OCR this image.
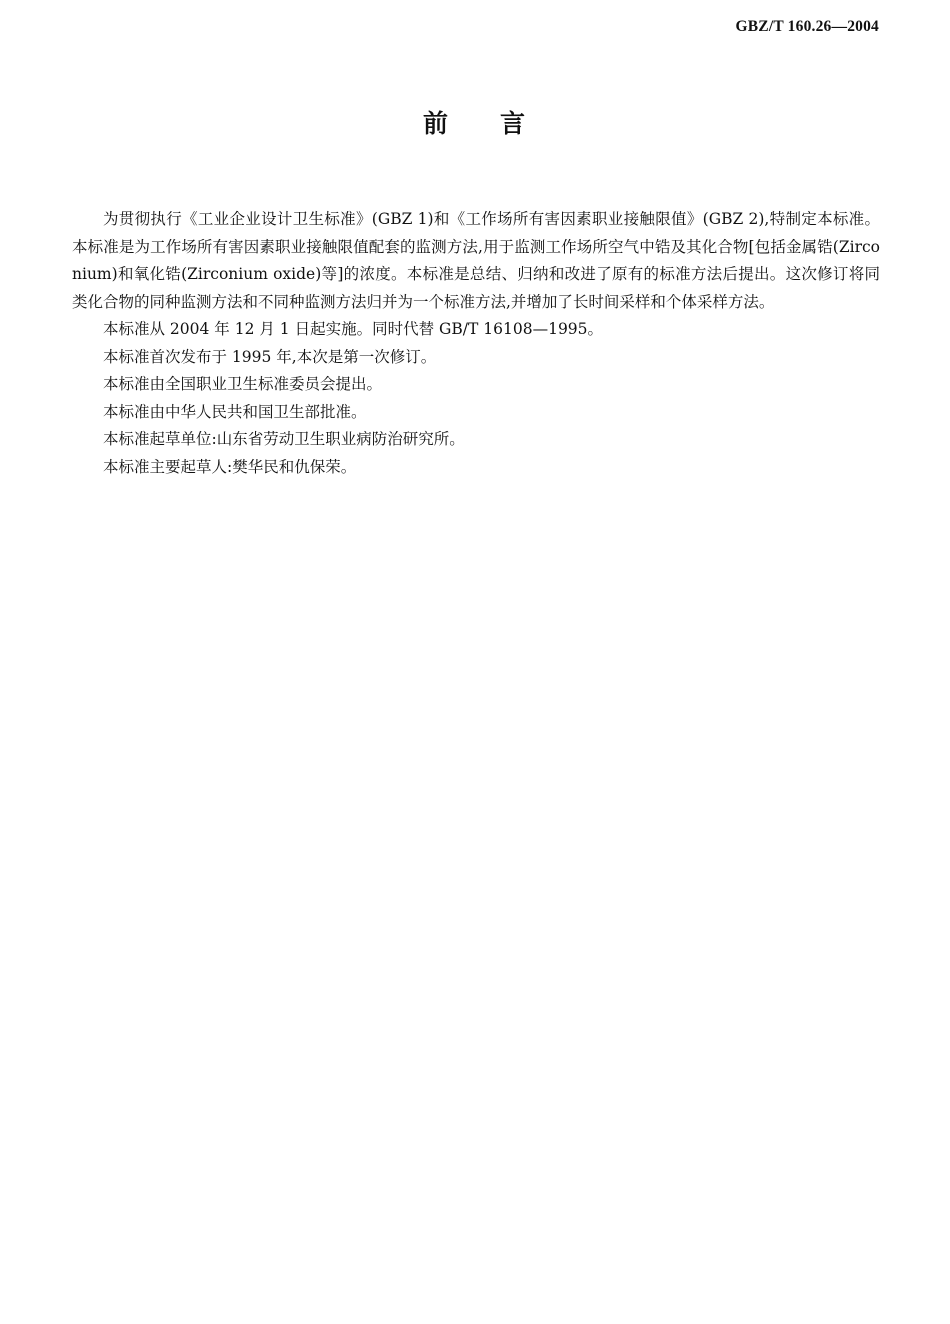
GBZ/T 160.26—2004
前 言

为贯彻执行《工业企业设计卫生标准》(GBZ 1)和《工作场所有害因素职业接触限值》(GBZ 2),特制定本标准。本标准是为工作场所有害因素职业接触限值配套的监测方法,用于监测工作场所空气中锆及其化合物[包括金属锆(Zirconium)和氧化锆(Zirconium oxide)等]的浓度。本标准是总结、归纳和改进了原有的标准方法后提出。这次修订将同类化合物的同种监测方法和不同种监测方法归并为一个标准方法,并增加了长时间采样和个体采样方法。

本标准从 2004 年 12 月 1 日起实施。同时代替 GB/T 16108—1995。

本标准首次发布于 1995 年,本次是第一次修订。

本标准由全国职业卫生标准委员会提出。

本标准由中华人民共和国卫生部批准。

本标准起草单位:山东省劳动卫生职业病防治研究所。

本标准主要起草人:樊华民和仇保荣。
